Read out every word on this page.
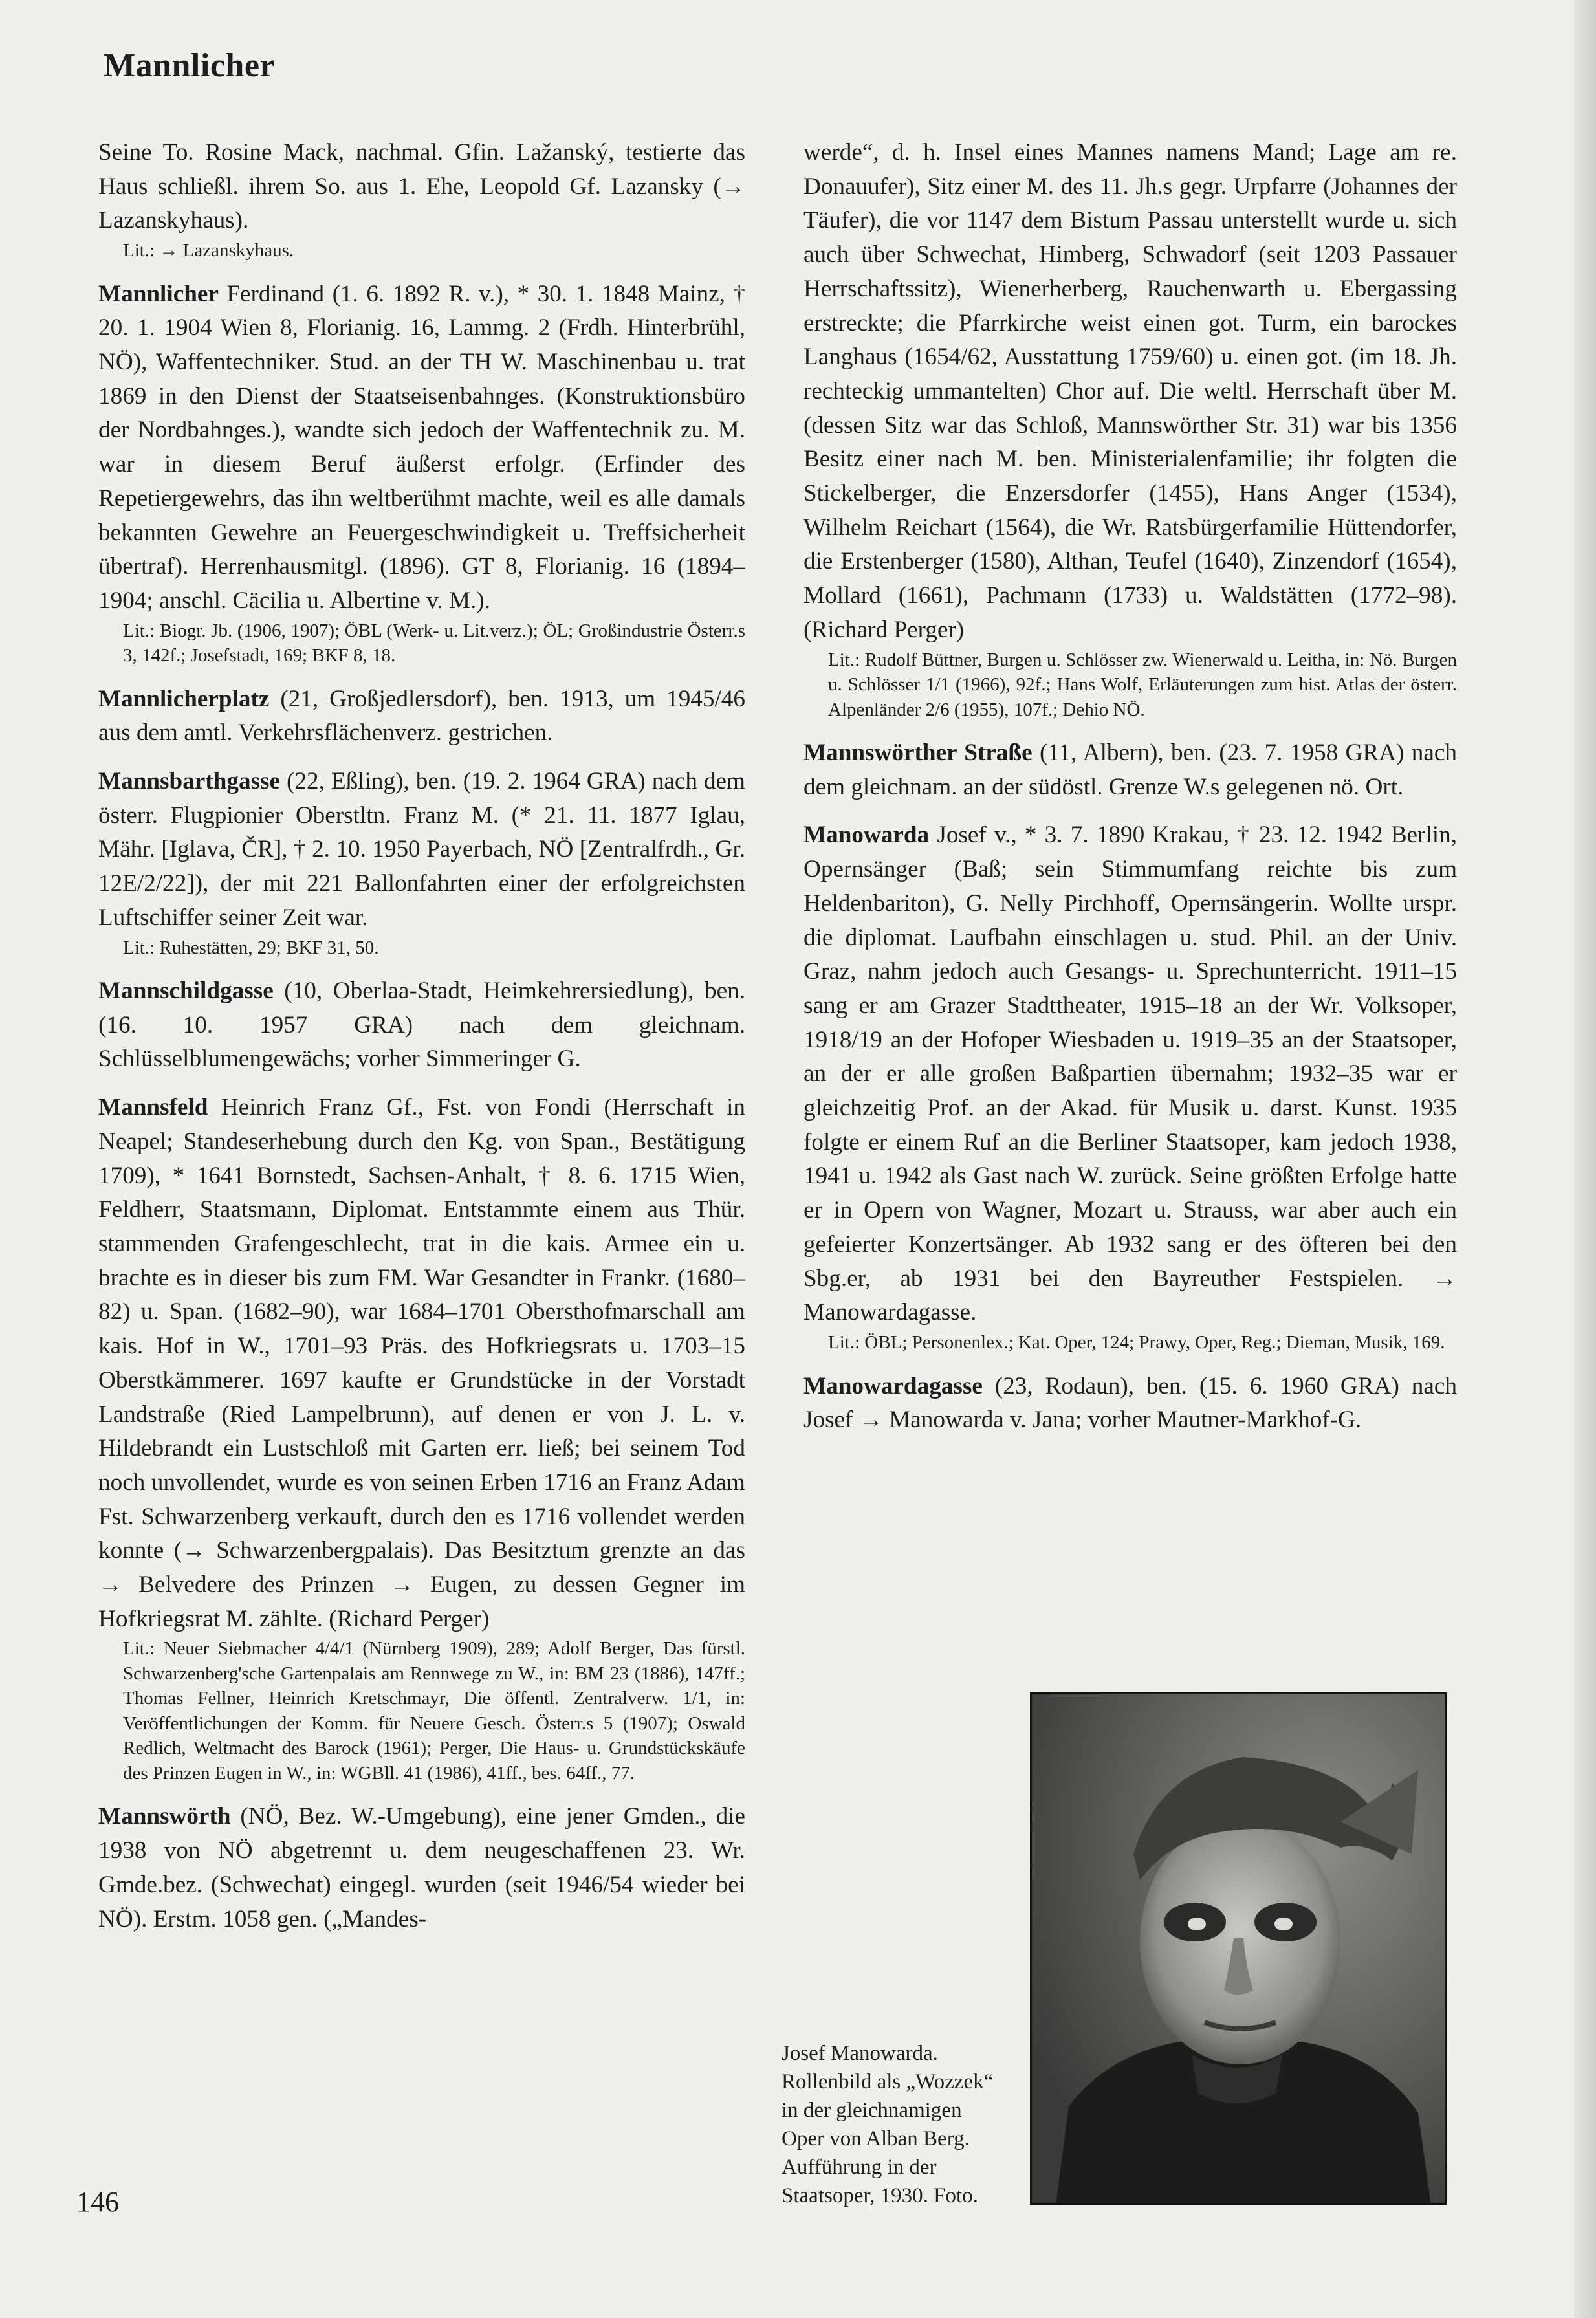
Mannlicher

Seine To. Rosine Mack, nachmal. Gfin. Lažanský, testierte das Haus schließl. ihrem So. aus 1. Ehe, Leopold Gf. Lazansky (→ Lazanskyhaus).

Lit.: → Lazanskyhaus.

Mannlicher Ferdinand (1. 6. 1892 R. v.), * 30. 1. 1848 Mainz, † 20. 1. 1904 Wien 8, Florianig. 16, Lammg. 2 (Frdh. Hinterbrühl, NÖ), Waffentechniker. Stud. an der TH W. Maschinenbau u. trat 1869 in den Dienst der Staatseisenbahnges. (Konstruktionsbüro der Nordbahnges.), wandte sich jedoch der Waffentechnik zu. M. war in diesem Beruf äußerst erfolgr. (Erfinder des Repetiergewehrs, das ihn weltberühmt machte, weil es alle damals bekannten Gewehre an Feuergeschwindigkeit u. Treffsicherheit übertraf). Herrenhausmitgl. (1896). GT 8, Florianig. 16 (1894–1904; anschl. Cäcilia u. Albertine v. M.).

Lit.: Biogr. Jb. (1906, 1907); ÖBL (Werk- u. Lit.verz.); ÖL; Großindustrie Österr.s 3, 142f.; Josefstadt, 169; BKF 8, 18.

Mannlicherplatz (21, Großjedlersdorf), ben. 1913, um 1945/46 aus dem amtl. Verkehrsflächenverz. gestrichen.

Mannsbarthgasse (22, Eßling), ben. (19. 2. 1964 GRA) nach dem österr. Flugpionier Oberstltn. Franz M. (* 21. 11. 1877 Iglau, Mähr. [Iglava, ČR], † 2. 10. 1950 Payerbach, NÖ [Zentralfrdh., Gr. 12E/2/22]), der mit 221 Ballonfahrten einer der erfolgreichsten Luftschiffer seiner Zeit war.

Lit.: Ruhestätten, 29; BKF 31, 50.

Mannschildgasse (10, Oberlaa-Stadt, Heimkehrersiedlung), ben. (16. 10. 1957 GRA) nach dem gleichnam. Schlüsselblumengewächs; vorher Simmeringer G.

Mannsfeld Heinrich Franz Gf., Fst. von Fondi (Herrschaft in Neapel; Standeserhebung durch den Kg. von Span., Bestätigung 1709), * 1641 Bornstedt, Sachsen-Anhalt, † 8. 6. 1715 Wien, Feldherr, Staatsmann, Diplomat. Entstammte einem aus Thür. stammenden Grafengeschlecht, trat in die kais. Armee ein u. brachte es in dieser bis zum FM. War Gesandter in Frankr. (1680–82) u. Span. (1682–90), war 1684–1701 Obersthofmarschall am kais. Hof in W., 1701–93 Präs. des Hofkriegsrats u. 1703–15 Oberstkämmerer. 1697 kaufte er Grundstücke in der Vorstadt Landstraße (Ried Lampelbrunn), auf denen er von J. L. v. Hildebrandt ein Lustschloß mit Garten err. ließ; bei seinem Tod noch unvollendet, wurde es von seinen Erben 1716 an Franz Adam Fst. Schwarzenberg verkauft, durch den es 1716 vollendet werden konnte (→ Schwarzenbergpalais). Das Besitztum grenzte an das → Belvedere des Prinzen → Eugen, zu dessen Gegner im Hofkriegsrat M. zählte. (Richard Perger)

Lit.: Neuer Siebmacher 4/4/1 (Nürnberg 1909), 289; Adolf Berger, Das fürstl. Schwarzenberg'sche Gartenpalais am Rennwege zu W., in: BM 23 (1886), 147ff.; Thomas Fellner, Heinrich Kretschmayr, Die öffentl. Zentralverw. 1/1, in: Veröffentlichungen der Komm. für Neuere Gesch. Österr.s 5 (1907); Oswald Redlich, Weltmacht des Barock (1961); Perger, Die Haus- u. Grundstückskäufe des Prinzen Eugen in W., in: WGBll. 41 (1986), 41ff., bes. 64ff., 77.

Mannswörth (NÖ, Bez. W.-Umgebung), eine jener Gmden., die 1938 von NÖ abgetrennt u. dem neugeschaffenen 23. Wr. Gmde.bez. (Schwechat) eingegl. wurden (seit 1946/54 wieder bei NÖ). Erstm. 1058 gen. („Mandes-

werde“, d. h. Insel eines Mannes namens Mand; Lage am re. Donauufer), Sitz einer M. des 11. Jh.s gegr. Urpfarre (Johannes der Täufer), die vor 1147 dem Bistum Passau unterstellt wurde u. sich auch über Schwechat, Himberg, Schwadorf (seit 1203 Passauer Herrschaftssitz), Wienerherberg, Rauchenwarth u. Ebergassing erstreckte; die Pfarrkirche weist einen got. Turm, ein barockes Langhaus (1654/62, Ausstattung 1759/60) u. einen got. (im 18. Jh. rechteckig ummantelten) Chor auf. Die weltl. Herrschaft über M. (dessen Sitz war das Schloß, Mannswörther Str. 31) war bis 1356 Besitz einer nach M. ben. Ministerialenfamilie; ihr folgten die Stickelberger, die Enzersdorfer (1455), Hans Anger (1534), Wilhelm Reichart (1564), die Wr. Ratsbürgerfamilie Hüttendorfer, die Erstenberger (1580), Althan, Teufel (1640), Zinzendorf (1654), Mollard (1661), Pachmann (1733) u. Waldstätten (1772–98). (Richard Perger)

Lit.: Rudolf Büttner, Burgen u. Schlösser zw. Wienerwald u. Leitha, in: Nö. Burgen u. Schlösser 1/1 (1966), 92f.; Hans Wolf, Erläuterungen zum hist. Atlas der österr. Alpenländer 2/6 (1955), 107f.; Dehio NÖ.

Mannswörther Straße (11, Albern), ben. (23. 7. 1958 GRA) nach dem gleichnam. an der südöstl. Grenze W.s gelegenen nö. Ort.

Manowarda Josef v., * 3. 7. 1890 Krakau, † 23. 12. 1942 Berlin, Opernsänger (Baß; sein Stimmumfang reichte bis zum Heldenbariton), G. Nelly Pirchhoff, Opernsängerin. Wollte urspr. die diplomat. Laufbahn einschlagen u. stud. Phil. an der Univ. Graz, nahm jedoch auch Gesangs- u. Sprechunterricht. 1911–15 sang er am Grazer Stadttheater, 1915–18 an der Wr. Volksoper, 1918/19 an der Hofoper Wiesbaden u. 1919–35 an der Staatsoper, an der er alle großen Baßpartien übernahm; 1932–35 war er gleichzeitig Prof. an der Akad. für Musik u. darst. Kunst. 1935 folgte er einem Ruf an die Berliner Staatsoper, kam jedoch 1938, 1941 u. 1942 als Gast nach W. zurück. Seine größten Erfolge hatte er in Opern von Wagner, Mozart u. Strauss, war aber auch ein gefeierter Konzertsänger. Ab 1932 sang er des öfteren bei den Sbg.er, ab 1931 bei den Bayreuther Festspielen. → Manowardagasse.

Lit.: ÖBL; Personenlex.; Kat. Oper, 124; Prawy, Oper, Reg.; Dieman, Musik, 169.

Manowardagasse (23, Rodaun), ben. (15. 6. 1960 GRA) nach Josef → Manowarda v. Jana; vorher Mautner-Markhof-G.

Josef Manowarda. Rollenbild als „Wozzek“ in der gleichnamigen Oper von Alban Berg. Aufführung in der Staatsoper, 1930. Foto.
146
